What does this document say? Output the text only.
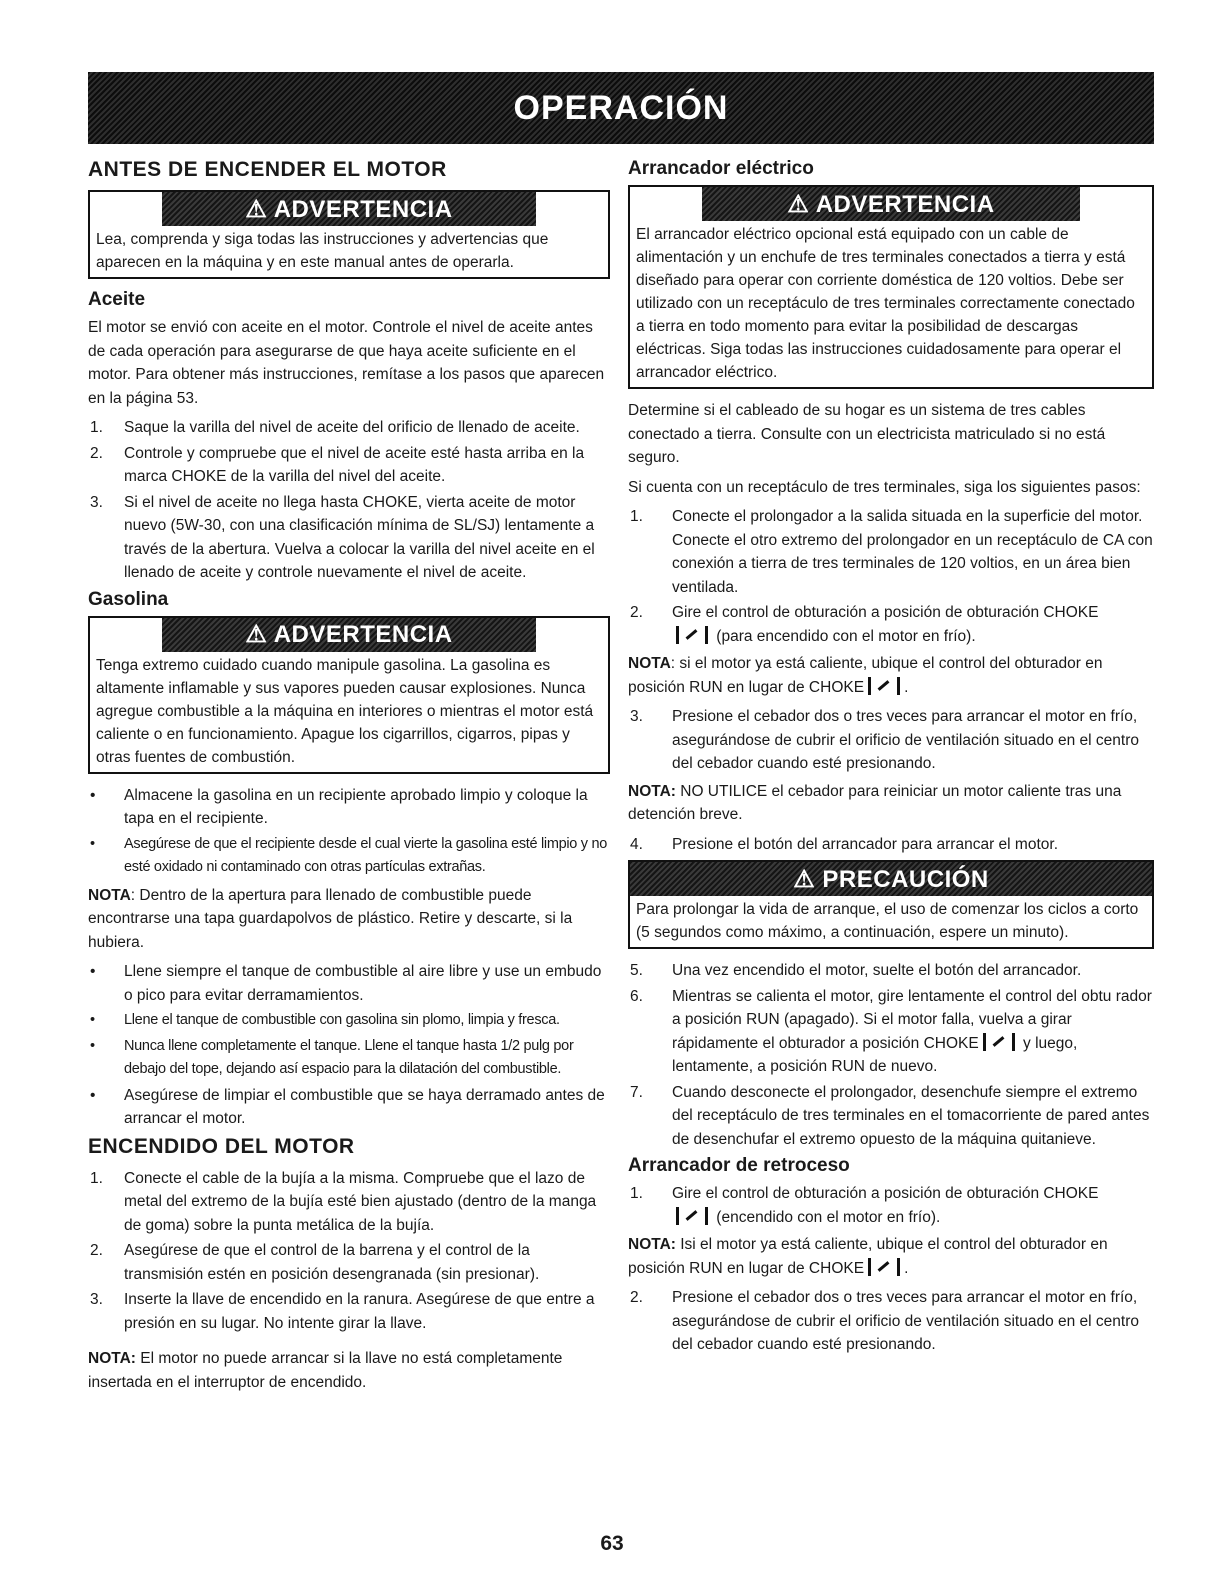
OPERACIÓN
ANTES DE ENCENDER EL MOTOR
⚠ ADVERTENCIA
Lea, comprenda y siga todas las instrucciones y advertencias que aparecen en la máquina y en este manual antes de operarla.
Aceite

El motor se envió con aceite en el motor. Controle el nivel de aceite antes de cada operación para asegurarse de que haya aceite suficiente en el motor. Para obtener más instrucciones, remítase a los pasos que aparecen en la página 53.

1. Saque la varilla del nivel de aceite del orificio de llenado de aceite.
2. Controle y compruebe que el nivel de aceite esté hasta arriba en la marca CHOKE de la varilla del nivel del aceite.
3. Si el nivel de aceite no llega hasta CHOKE, vierta aceite de motor nuevo (5W-30, con una clasificación mínima de SL/SJ) lentamente a través de la abertura. Vuelva a colocar la varilla del nivel aceite en el llenado de aceite y controle nuevamente el nivel de aceite.
Gasolina
⚠ ADVERTENCIA
Tenga extremo cuidado cuando manipule gasolina. La gasolina es altamente inflamable y sus vapores pueden causar explosiones. Nunca agregue combustible a la máquina en interiores o mientras el motor está caliente o en funcionamiento. Apague los cigarrillos, cigarros, pipas y otras fuentes de combustión.
• Almacene la gasolina en un recipiente aprobado limpio y coloque la tapa en el recipiente.
• Asegúrese de que el recipiente desde el cual vierte la gasolina esté limpio y no esté oxidado ni contaminado con otras partículas extrañas.

NOTA: Dentro de la apertura para llenado de combustible puede encontrarse una tapa guardapolvos de plástico. Retire y descarte, si la hubiera.

• Llene siempre el tanque de combustible al aire libre y use un embudo o pico para evitar derramamientos.
• Llene el tanque de combustible con gasolina sin plomo, limpia y fresca.
• Nunca llene completamente el tanque. Llene el tanque hasta 1/2 pulg por debajo del tope, dejando así espacio para la dilatación del combustible.
• Asegúrese de limpiar el combustible que se haya derramado antes de arrancar el motor.
ENCENDIDO DEL MOTOR
1. Conecte el cable de la bujía a la misma. Compruebe que el lazo de metal del extremo de la bujía esté bien ajustado (dentro de la manga de goma) sobre la punta metálica de la bujía.
2. Asegúrese de que el control de la barrena y el control de la transmisión estén en posición desengranada (sin presionar).
3. Inserte la llave de encendido en la ranura. Asegúrese de que entre a presión en su lugar. No intente girar la llave.

NOTA: El motor no puede arrancar si la llave no está completamente insertada en el interruptor de encendido.

Arrancador eléctrico
⚠ ADVERTENCIA
El arrancador eléctrico opcional está equipado con un cable de alimentación y un enchufe de tres terminales conectados a tierra y está diseñado para operar con corriente doméstica de 120 voltios. Debe ser utilizado con un receptáculo de tres terminales correctamente conectado a tierra en todo momento para evitar la posibilidad de descargas eléctricas. Siga todas las instrucciones cuidadosamente para operar el arrancador eléctrico.

Determine si el cableado de su hogar es un sistema de tres cables conectado a tierra. Consulte con un electricista matriculado si no está seguro.

Si cuenta con un receptáculo de tres terminales, siga los siguientes pasos:

1. Conecte el prolongador a la salida situada en la superficie del motor. Conecte el otro extremo del prolongador en un receptáculo de CA con conexión a tierra de tres terminales de 120 voltios, en un área bien ventilada.
2. Gire el control de obturación a posición de obturación CHOKE
(para encendido con el motor en frío).

NOTA: si el motor ya está caliente, ubique el control del obturador en posición RUN en lugar de CHOKE	.

3. Presione el cebador dos o tres veces para arrancar el motor en frío, asegurándose de cubrir el orificio de ventilación situado en el centro del cebador cuando esté presionando.

NOTA: NO UTILICE el cebador para reiniciar un motor caliente tras una detención breve.

4. Presione el botón del arrancador para arrancar el motor.
⚠ PRECAUCIÓN
Para prolongar la vida de arranque, el uso de comenzar los ciclos a corto (5 segundos como máximo, a continuación, espere un minuto).
5. Una vez encendido el motor, suelte el botón del arrancador.
6. Mientras se calienta el motor, gire lentamente el control del obtu rador a posición RUN (apagado). Si el motor falla, vuelva a girar rápidamente el obturador a posición CHOKE	y luego, lentamente, a posición RUN de nuevo.
7. Cuando desconecte el prolongador, desenchufe siempre el extremo del receptáculo de tres terminales en el tomacorriente de pared antes de desenchufar el extremo opuesto de la máquina quitanieve.
Arrancador de retroceso
1. Gire el control de obturación a posición de obturación CHOKE
(encendido con el motor en frío).

NOTA: Isi el motor ya está caliente, ubique el control del obturador en posición RUN en lugar de CHOKE	.

2. Presione el cebador dos o tres veces para arrancar el motor en frío, asegurándose de cubrir el orificio de ventilación situado en el centro del cebador cuando esté presionando.
63
